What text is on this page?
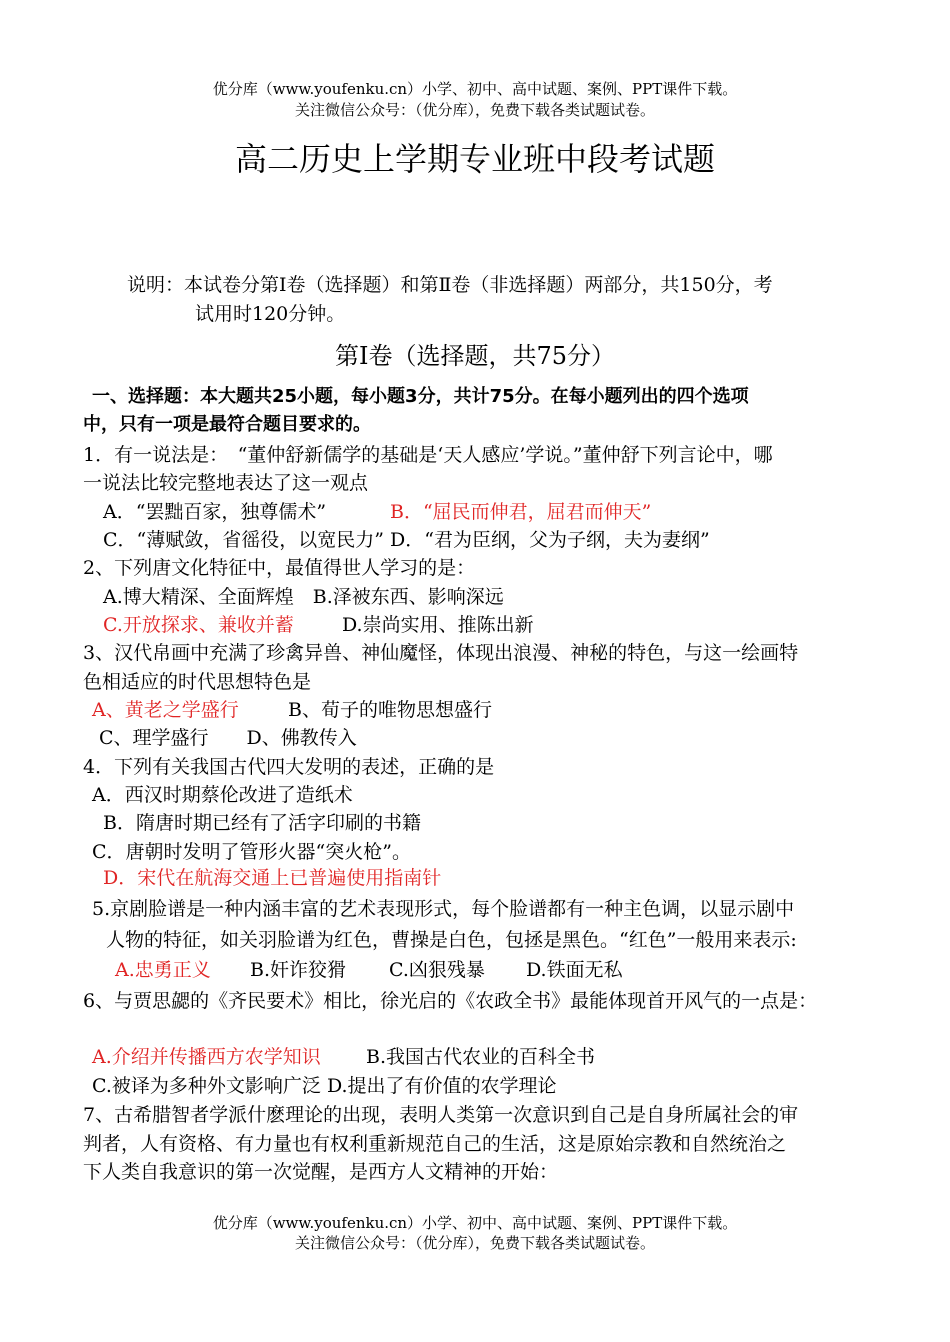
优分库（www.youfenku.cn）小学、初中、高中试题、案例、PPT课件下载。
关注微信公众号：（优分库），免费下载各类试题试卷。
高二历史上学期专业班中段考试题
说明：本试卷分第Ⅰ卷（选择题）和第Ⅱ卷（非选择题）两部分，共150分，考
试用时120分钟。
第Ⅰ卷（选择题，共75分）
一、选择题：本大题共25小题，每小题3分，共计75分。在每小题列出的四个选项
中，只有一项是最符合题目要求的。
1．有一说法是：　“董仲舒新儒学的基础是‘天人感应’学说。”董仲舒下列言论中，哪
一说法比较完整地表达了这一观点
A．“罢黜百家，独尊儒术”	B．“屈民而伸君，屈君而伸天”
C．“薄赋敛，省徭役，以宽民力” D．“君为臣纲，父为子纲，夫为妻纲”
2、下列唐文化特征中，最值得世人学习的是：
A.博大精深、全面辉煌　B.泽被东西、影响深远
C.开放探求、兼收并蓄	D.崇尚实用、推陈出新
3、汉代帛画中充满了珍禽异兽、神仙魔怪，体现出浪漫、神秘的特色，与这一绘画特
色相适应的时代思想特色是
A、黄老之学盛行	B、荀子的唯物思想盛行
C、理学盛行　　D、佛教传入
4．下列有关我国古代四大发明的表述，正确的是
A．西汉时期蔡伦改进了造纸术
B．隋唐时期已经有了活字印刷的书籍
C．唐朝时发明了管形火器“突火枪”。
D．宋代在航海交通上已普遍使用指南针
5.京剧脸谱是一种内涵丰富的艺术表现形式，每个脸谱都有一种主色调，以显示剧中
人物的特征，如关羽脸谱为红色，曹操是白色，包拯是黑色。“红色”一般用来表示:
A.忠勇正义 B.奸诈狡猾 C.凶狠残暴 D.铁面无私
6、与贾思勰的《齐民要术》相比，徐光启的《农政全书》最能体现首开风气的一点是：
A.介绍并传播西方农学知识 B.我国古代农业的百科全书
C.被译为多种外文影响广泛 D.提出了有价值的农学理论
7、古希腊智者学派什麽理论的出现，表明人类第一次意识到自己是自身所属社会的审
判者，人有资格、有力量也有权利重新规范自己的生活，这是原始宗教和自然统治之
下人类自我意识的第一次觉醒，是西方人文精神的开始：
优分库（www.youfenku.cn）小学、初中、高中试题、案例、PPT课件下载。
关注微信公众号：（优分库），免费下载各类试题试卷。
